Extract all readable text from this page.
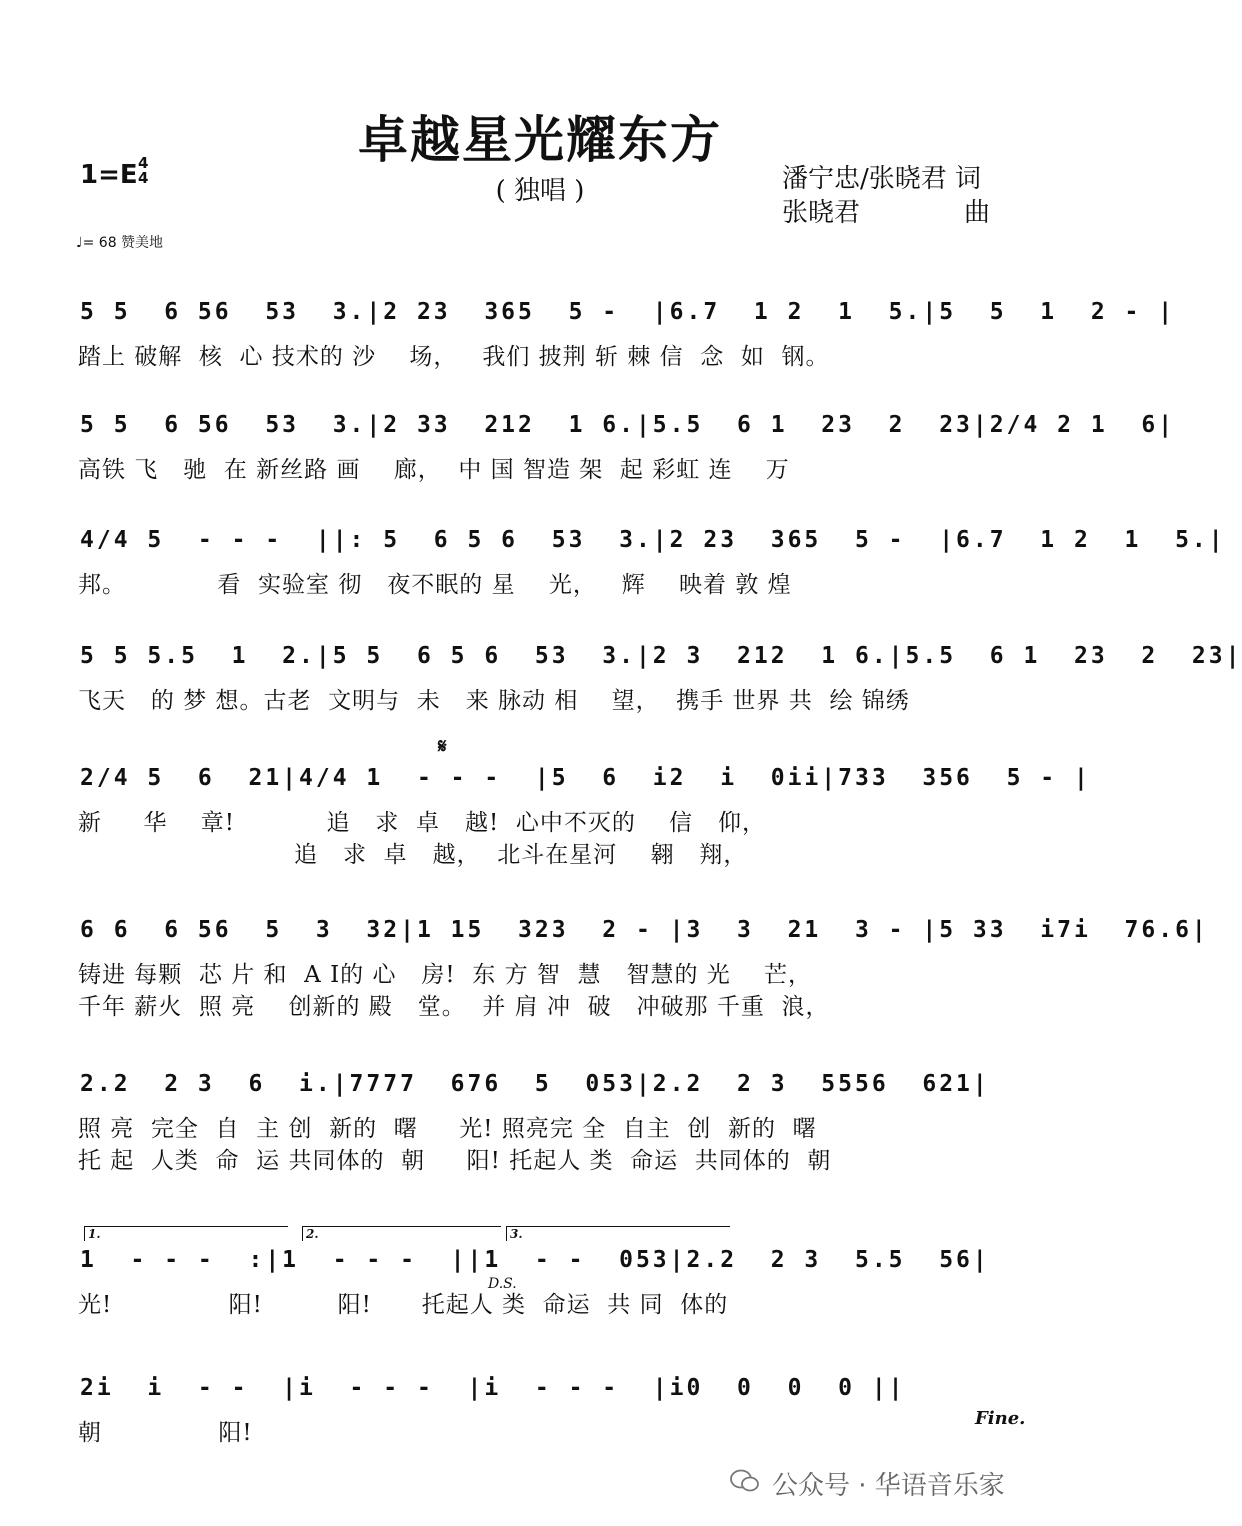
卓越星光耀东方
( 独唱 )
1=E 4
4	潘宁忠/张晓君 词
张晓君　　　　曲
♩= 68 赞美地
5 5  6 56  53  3.|2 23  365  5 -  |6.7  1 2  1  5.|5  5  1  2 - |
踏上 破解  核  心 技术的 沙    场，   我们 披荆 斩 棘 信  念  如  钢。
5 5  6 56  53  3.|2 33  212  1 6.|5.5  6 1  23  2  23|2/4 2 1  6|
高铁 飞   驰  在 新丝路 画    廊，  中 国 智造 架  起 彩虹 连    万
4/4 5  - - -  ||: 5  6 5 6  53  3.|2 23  365  5 -  |6.7  1 2  1  5.|
邦。           看  实验室 彻   夜不眠的 星    光，   辉    映着 敦 煌
5 5 5.5  1  2.|5 5  6 5 6  53  3.|2 3  212  1 6.|5.5  6 1  23  2  23|
飞天   的 梦 想。古老  文明与  未   来 脉动 相    望，  携手 世界 共  绘 锦绣
𝄋
2/4 5  6  21|4/4 1  - - -  |5  6  i2  i  0ii|733  356  5 - |
新     华    章!           追   求  卓   越!  心中不灭的    信   仰，
追   求  卓   越，  北斗在星河    翱   翔，
6 6  6 56  5  3  32|1 15  323  2 - |3  3  21  3 - |5 33  i7i  76.6|
铸进 每颗  芯 片 和  A I的 心   房!  东 方 智  慧   智慧的 光    芒，
千年 薪火  照 亮    创新的 殿   堂。  并 肩 冲  破   冲破那 千重  浪，
2.2  2 3  6  i.|7777  676  5  053|2.2  2 3  5556  621|
照 亮  完全  自  主 创  新的  曙     光! 照亮完 全  自主  创  新的  曙
托 起  人类  命  运 共同体的  朝     阳! 托起人 类  命运  共同体的  朝
1.	2.	3.
1  - - -  :|1  - - -  ||1  - -  053|2.2  2 3  5.5  56|
光!              阳!         阳!      托起人 类  命运  共 同  体的
D.S.
2i  i  - -  |i  - - -  |i  - - -  |i0  0  0  0 ||
朝              阳!
Fine.
公众号 · 华语音乐家
